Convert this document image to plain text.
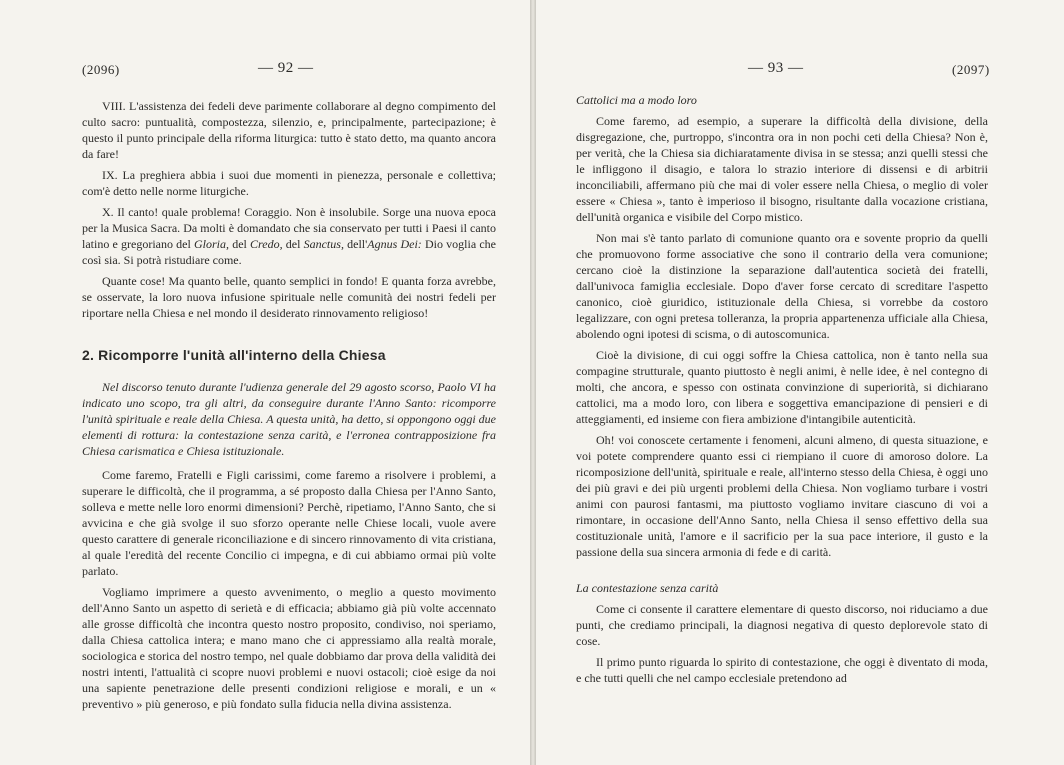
(2096)	— 92 —

VIII. L'assistenza dei fedeli deve parimente collaborare al degno compimento del culto sacro: puntualità, compostezza, silenzio, e, principalmente, partecipazione; è questo il punto principale della riforma liturgica: tutto è stato detto, ma quanto ancora da fare!

IX. La preghiera abbia i suoi due momenti in pienezza, personale e collettiva; com'è detto nelle norme liturgiche.

X. Il canto! quale problema! Coraggio. Non è insolubile. Sorge una nuova epoca per la Musica Sacra. Da molti è domandato che sia conservato per tutti i Paesi il canto latino e gregoriano del Gloria, del Credo, del Sanctus, dell'Agnus Dei: Dio voglia che così sia. Si potrà ristudiare come.

Quante cose! Ma quanto belle, quanto semplici in fondo! E quanta forza avrebbe, se osservate, la loro nuova infusione spirituale nelle comunità dei nostri fedeli per riportare nella Chiesa e nel mondo il desiderato rinnovamento religioso!

2. Ricomporre l'unità all'interno della Chiesa

Nel discorso tenuto durante l'udienza generale del 29 agosto scorso, Paolo VI ha indicato uno scopo, tra gli altri, da conseguire durante l'Anno Santo: ricomporre l'unità spirituale e reale della Chiesa. A questa unità, ha detto, si oppongono oggi due elementi di rottura: la contestazione senza carità, e l'erronea contrapposizione fra Chiesa carismatica e Chiesa istituzionale.

Come faremo, Fratelli e Figli carissimi, come faremo a risolvere i problemi, a superare le difficoltà, che il programma, a sé proposto dalla Chiesa per l'Anno Santo, solleva e mette nelle loro enormi dimensioni? Perchè, ripetiamo, l'Anno Santo, che si avvicina e che già svolge il suo sforzo operante nelle Chiese locali, vuole avere questo carattere di generale riconciliazione e di sincero rinnovamento di vita cristiana, al quale l'eredità del recente Concilio ci impegna, e di cui abbiamo ormai più volte parlato.

Vogliamo imprimere a questo avvenimento, o meglio a questo movimento dell'Anno Santo un aspetto di serietà e di efficacia; abbiamo già più volte accennato alle grosse difficoltà che incontra questo nostro proposito, condiviso, noi speriamo, dalla Chiesa cattolica intera; e mano mano che ci appressiamo alla realtà morale, sociologica e storica del nostro tempo, nel quale dobbiamo dar prova della validità dei nostri intenti, l'attualità ci scopre nuovi problemi e nuovi ostacoli; cioè esige da noi una sapiente penetrazione delle presenti condizioni religiose e morali, e un « preventivo » più generoso, e più fondato sulla fiducia nella divina assistenza.

— 93 —	(2097)

Cattolici ma a modo loro

Come faremo, ad esempio, a superare la difficoltà della divisione, della disgregazione, che, purtroppo, s'incontra ora in non pochi ceti della Chiesa? Non è, per verità, che la Chiesa sia dichiaratamente divisa in se stessa; anzi quelli stessi che le infliggono il disagio, e talora lo strazio interiore di dissensi e di arbitrii inconciliabili, affermano più che mai di voler essere nella Chiesa, o meglio di voler essere « Chiesa », tanto è imperioso il bisogno, risultante dalla vocazione cristiana, dell'unità organica e visibile del Corpo mistico.

Non mai s'è tanto parlato di comunione quanto ora e sovente proprio da quelli che promuovono forme associative che sono il contrario della vera comunione; cercano cioè la distinzione la separazione dall'autentica società dei fratelli, dall'univoca famiglia ecclesiale. Dopo d'aver forse cercato di screditare l'aspetto canonico, cioè giuridico, istituzionale della Chiesa, si vorrebbe da costoro legalizzare, con ogni pretesa tolleranza, la propria appartenenza ufficiale alla Chiesa, abolendo ogni ipotesi di scisma, o di autoscomunica.

Cioè la divisione, di cui oggi soffre la Chiesa cattolica, non è tanto nella sua compagine strutturale, quanto piuttosto è negli animi, è nelle idee, è nel contegno di molti, che ancora, e spesso con ostinata convinzione di superiorità, si dichiarano cattolici, ma a modo loro, con libera e soggettiva emancipazione di pensieri e di atteggiamenti, ed insieme con fiera ambizione d'intangibile autenticità.

Oh! voi conoscete certamente i fenomeni, alcuni almeno, di questa situazione, e voi potete comprendere quanto essi ci riempiano il cuore di amoroso dolore. La ricomposizione dell'unità, spirituale e reale, all'interno stesso della Chiesa, è oggi uno dei più gravi e dei più urgenti problemi della Chiesa. Non vogliamo turbare i vostri animi con paurosi fantasmi, ma piuttosto vogliamo invitare ciascuno di voi a rimontare, in occasione dell'Anno Santo, nella Chiesa il senso effettivo della sua costituzionale unità, l'amore e il sacrificio per la sua pace interiore, il gusto e la passione della sua sincera armonia di fede e di carità.

La contestazione senza carità

Come ci consente il carattere elementare di questo discorso, noi riduciamo a due punti, che crediamo principali, la diagnosi negativa di questo deplorevole stato di cose.

Il primo punto riguarda lo spirito di contestazione, che oggi è diventato di moda, e che tutti quelli che nel campo ecclesiale pretendono ad
